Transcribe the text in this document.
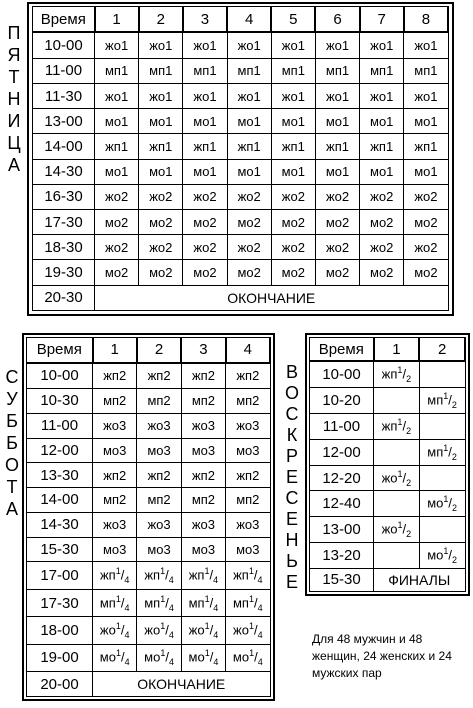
П
Я
Т
Н
И
Ц
А
Время	1	2	3	4	5	6	7	8
10-00	жо1	жо1	жо1	жо1	жо1	жо1	жо1	жо1
11-00	мп1	мп1	мп1	мп1	мп1	мп1	мп1	мп1
11-30	жо1	жо1	жо1	жо1	жо1	жо1	жо1	жо1
13-00	мо1	мо1	мо1	мо1	мо1	мо1	мо1	мо1
14-00	жп1	жп1	жп1	жп1	жп1	жп1	жп1	жп1
14-30	мо1	мо1	мо1	мо1	мо1	мо1	мо1	мо1
16-30	жо2	жо2	жо2	жо2	жо2	жо2	жо2	жо2
17-30	мо2	мо2	мо2	мо2	мо2	мо2	мо2	мо2
18-30	жо2	жо2	жо2	жо2	жо2	жо2	жо2	жо2
19-30	мо2	мо2	мо2	мо2	мо2	мо2	мо2	мо2
20-30	ОКОНЧАНИЕ							
С
У
Б
Б
О
Т
А
Время	1	2	3	4
10-00	жп2	жп2	жп2	жп2
10-30	мп2	мп2	мп2	мп2
11-00	жо3	жо3	жо3	жо3
12-00	мо3	мо3	мо3	мо3
13-30	жп2	жп2	жп2	жп2
14-00	мп2	мп2	мп2	мп2
14-30	жо3	жо3	жо3	жо3
15-30	мо3	мо3	мо3	мо3
17-00	$жп^1/_4$	$жп^1/_4$	$жп^1/_4$	$жп^1/_4$
17-30	$мп^1/_4$	$мп^1/_4$	$мп^1/_4$	$мп^1/_4$
18-00	$жо^1/_4$	$жо^1/_4$	$жо^1/_4$	$жо^1/_4$
19-00	$мо^1/_4$	$мо^1/_4$	$мо^1/_4$	$мо^1/_4$
20-00	ОКОНЧАНИЕ			
В
О
С
К
Р
Е
С
Е
Н
Ь
Е
Время	1	2
10-00	$жп^1/_2$	
10-20		$мп^1/_2$
11-00	$жп^1/_2$	
12-00		$мп^1/_2$
12-20	$жо^1/_2$	
12-40		$мо^1/_2$
13-00	$жо^1/_2$	
13-20		$мо^1/_2$
15-30	ФИНАЛЫ	
Для 48 мужчин и 48 женщин, 24 женских и 24 мужских пар
